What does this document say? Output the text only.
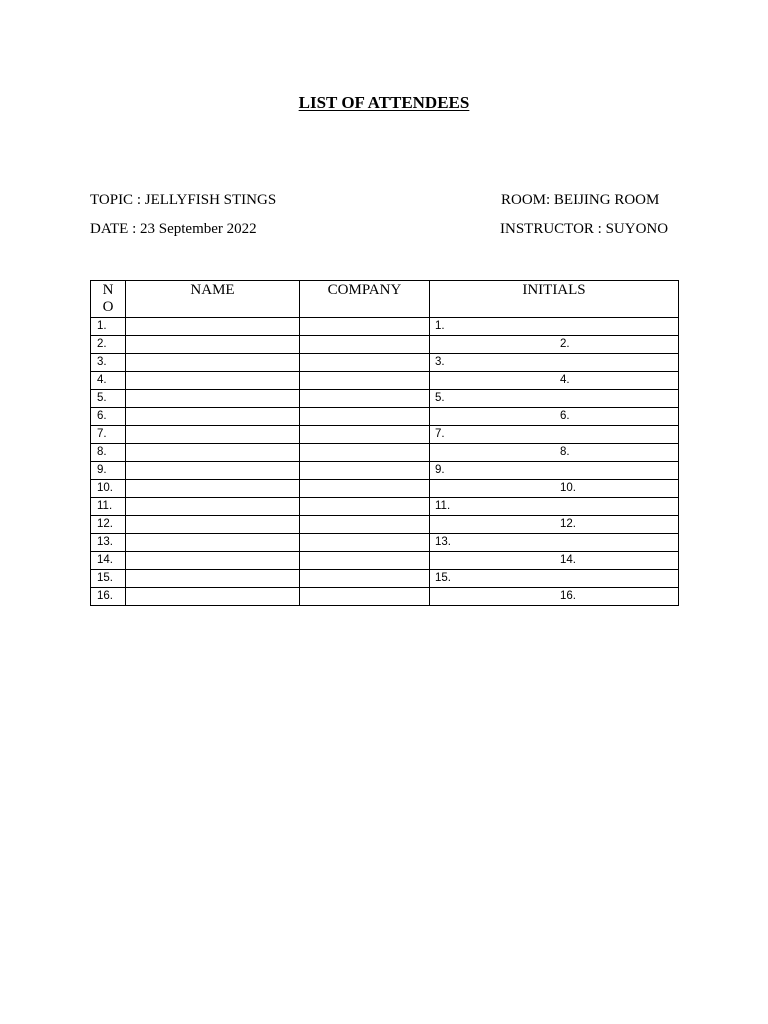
LIST OF ATTENDEES
TOPIC : JELLYFISH STINGS
DATE : 23 September 2022
ROOM: BEIJING ROOM
INSTRUCTOR : SUYONO
N
O	NAME	COMPANY	INITIALS
1.			1.
2.			2.
3.			3.
4.			4.
5.			5.
6.			6.
7.			7.
8.			8.
9.			9.
10.			10.
11.			11.
12.			12.
13.			13.
14.			14.
15.			15.
16.			16.
